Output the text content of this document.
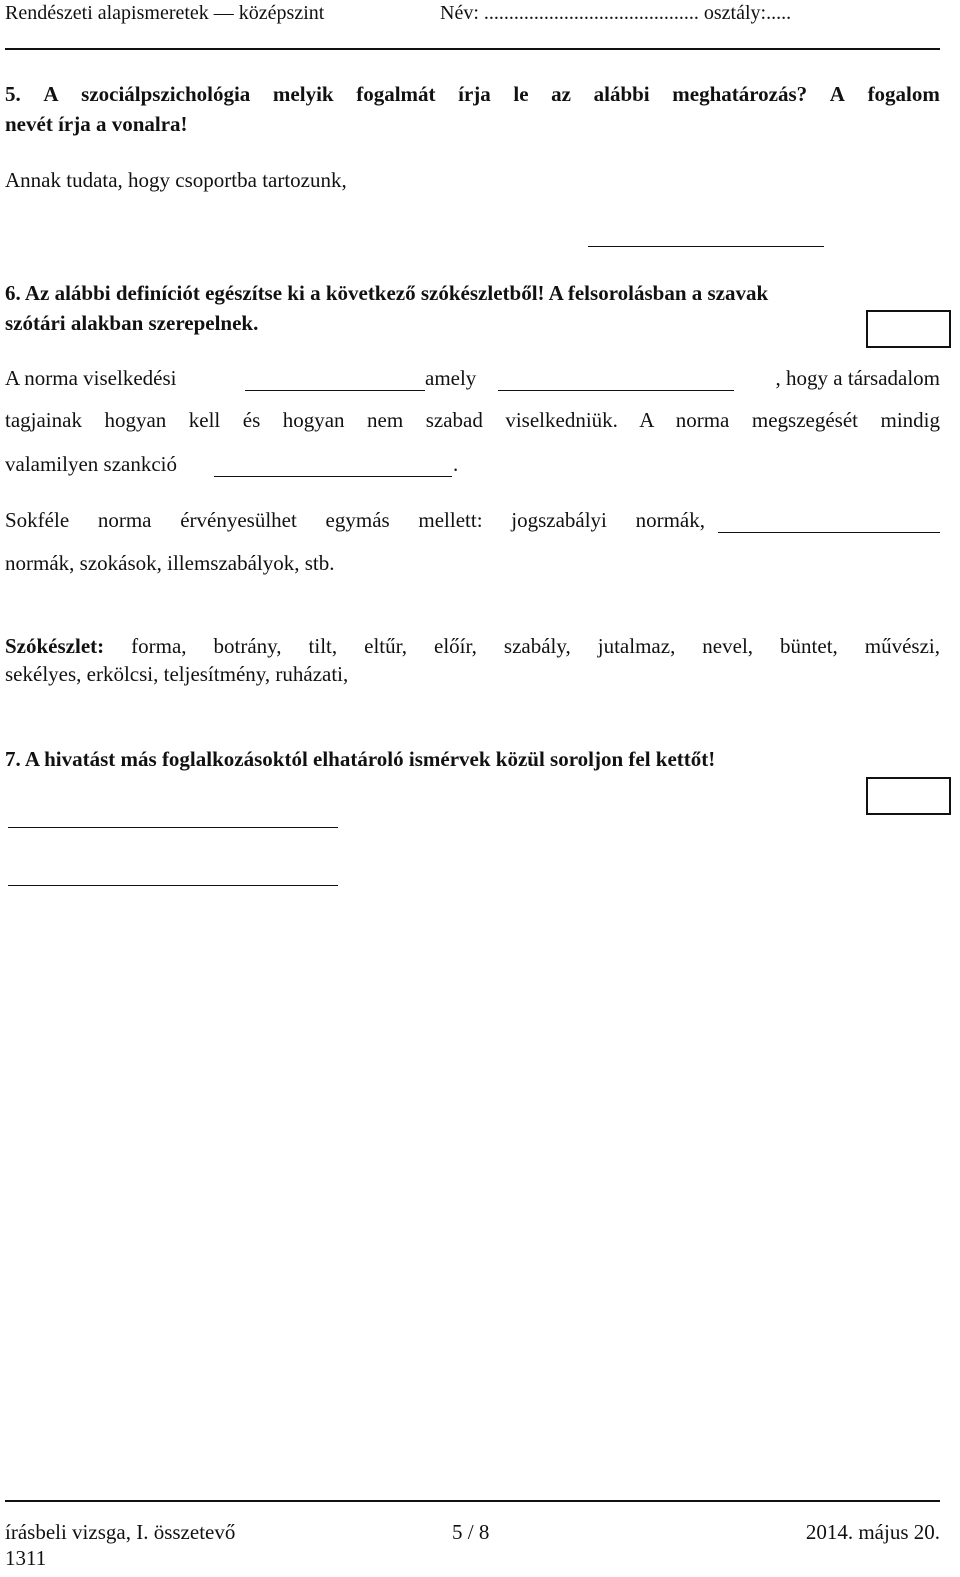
Rendészeti alapismeretek — középszint	Név: ........................................... osztály:.....
5. A szociálpszichológia melyik fogalmát írja le az alábbi meghatározás? A fogalom
nevét írja a vonalra!
Annak tudata, hogy csoportba tartozunk,
6. Az alábbi definíciót egészítse ki a következő szókészletből! A felsorolásban a szavak
szótári alakban szerepelnek.
A norma viselkedési	amely	, hogy a társadalom
tagjainak hogyan kell és hogyan nem szabad viselkedniük. A norma megszegését mindig
valamilyen szankció	.
Sokféle norma érvényesülhet egymás mellett: jogszabályi normák,
normák, szokások, illemszabályok, stb.
Szókészlet: forma, botrány, tilt, eltűr, előír, szabály, jutalmaz, nevel, büntet, művészi,
sekélyes, erkölcsi, teljesítmény, ruházati,
7. A hivatást más foglalkozásoktól elhatároló ismérvek közül soroljon fel kettőt!
írásbeli vizsga, I. összetevő	5 / 8	2014. május 20.
1311
